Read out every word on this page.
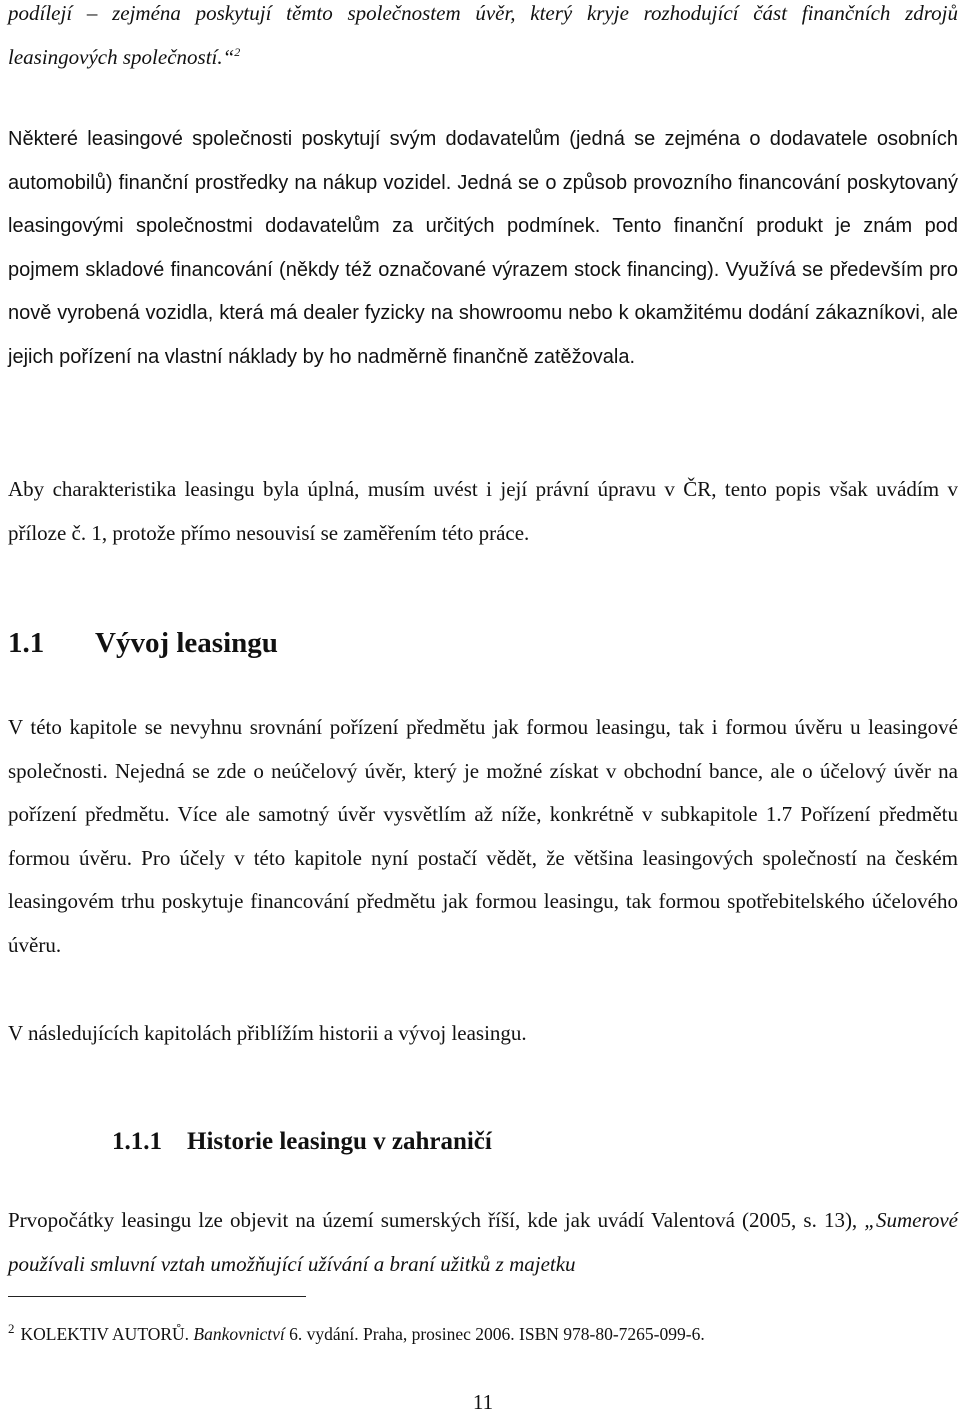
podílejí – zejména poskytují těmto společnostem úvěr, který kryje rozhodující část finančních zdrojů leasingových společností.“$^2$

Některé leasingové společnosti poskytují svým dodavatelům (jedná se zejména o dodavatele osobních automobilů) finanční prostředky na nákup vozidel. Jedná se o způsob provozního financování poskytovaný leasingovými společnostmi dodavatelům za určitých podmínek. Tento finanční produkt je znám pod pojmem skladové financování (někdy též označované výrazem stock financing). Využívá se především pro nově vyrobená vozidla, která má dealer fyzicky na showroomu nebo k okamžitému dodání zákazníkovi, ale jejich pořízení na vlastní náklady by ho nadměrně finančně zatěžovala.

Aby charakteristika leasingu byla úplná, musím uvést i její právní úpravu v ČR, tento popis však uvádím v příloze č. 1, protože přímo nesouvisí se zaměřením této práce.

1.1 Vývoj leasingu

V této kapitole se nevyhnu srovnání pořízení předmětu jak formou leasingu, tak i formou úvěru u leasingové společnosti. Nejedná se zde o neúčelový úvěr, který je možné získat v obchodní bance, ale o účelový úvěr na pořízení předmětu. Více ale samotný úvěr vysvětlím až níže, konkrétně v subkapitole 1.7 Pořízení předmětu formou úvěru. Pro účely v této kapitole nyní postačí vědět, že většina leasingových společností na českém leasingovém trhu poskytuje financování předmětu jak formou leasingu, tak formou spotřebitelského účelového úvěru.

V následujících kapitolách přiblížím historii a vývoj leasingu.

1.1.1 Historie leasingu v zahraničí

Prvopočátky leasingu lze objevit na území sumerských říší, kde jak uvádí Valentová (2005, s. 13), „Sumerové používali smluvní vztah umožňující užívání a braní užitků z majetku

$^2$ KOLEKTIV AUTORŮ. Bankovnictví 6. vydání. Praha, prosinec 2006. ISBN 978-80-7265-099-6.
11
